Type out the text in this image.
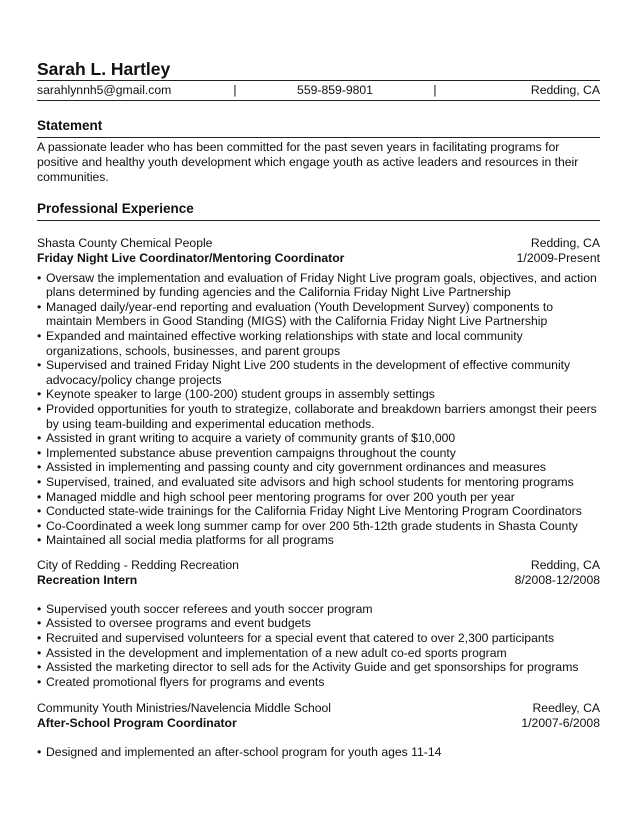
Sarah L. Hartley
sarahlynnh5@gmail.com	|	559-859-9801	|	Redding, CA
Statement
A passionate leader who has been committed for the past seven years in facilitating programs for positive and healthy youth development which engage youth as active leaders and resources in their communities.
Professional Experience
Shasta County Chemical People	Redding, CA
Friday Night Live Coordinator/Mentoring Coordinator	1/2009-Present
• Oversaw the implementation and evaluation of Friday Night Live program goals, objectives, and action plans determined by funding agencies and the California Friday Night Live Partnership
• Managed daily/year-end reporting and evaluation (Youth Development Survey) components to maintain Members in Good Standing (MIGS) with the California Friday Night Live Partnership
• Expanded and maintained effective working relationships with state and local community organizations, schools, businesses, and parent groups
• Supervised and trained Friday Night Live 200 students in the development of effective community advocacy/policy change projects
• Keynote speaker to large (100-200) student groups in assembly settings
• Provided opportunities for youth to strategize, collaborate and breakdown barriers amongst their peers by using team-building and experimental education methods.
• Assisted in grant writing to acquire a variety of community grants of $10,000
• Implemented substance abuse prevention campaigns throughout the county
• Assisted in implementing and passing county and city government ordinances and measures
• Supervised, trained, and evaluated site advisors and high school students for mentoring programs
• Managed middle and high school peer mentoring programs for over 200 youth per year
• Conducted state-wide trainings for the California Friday Night Live Mentoring Program Coordinators
• Co-Coordinated a week long summer camp for over 200 5th-12th grade students in Shasta County
• Maintained all social media platforms for all programs
City of Redding - Redding Recreation	Redding, CA
Recreation Intern	8/2008-12/2008
• Supervised youth soccer referees and youth soccer program
• Assisted to oversee programs and event budgets
• Recruited and supervised volunteers for a special event that catered to over 2,300 participants
• Assisted in the development and implementation of a new adult co-ed sports program
• Assisted the marketing director to sell ads for the Activity Guide and get sponsorships for programs
• Created promotional flyers for programs and events
Community Youth Ministries/Navelencia Middle School	Reedley, CA
After-School Program Coordinator	1/2007-6/2008
• Designed and implemented an after-school program for youth ages 11-14
